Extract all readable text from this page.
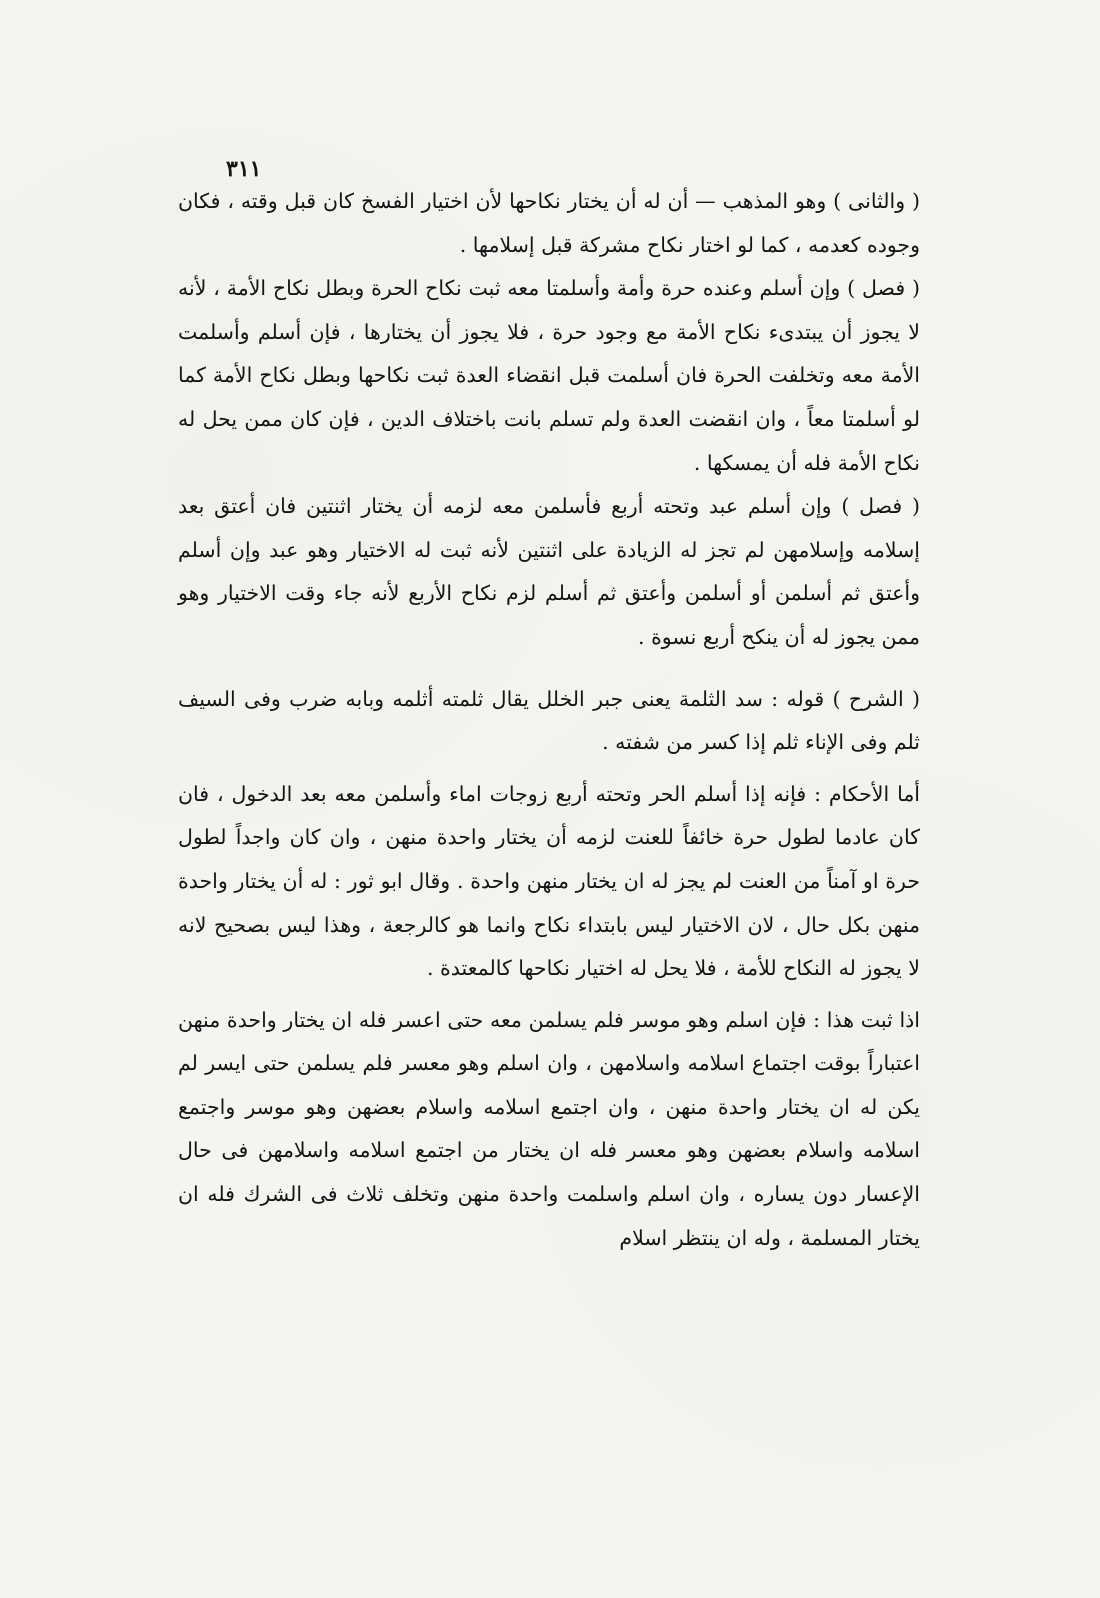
٣١١

( والثانى ) وهو المذهب — أن له أن يختار نكاحها لأن اختيار الفسخ كان قبل وقته ، فكان وجوده كعدمه ، كما لو اختار نكاح مشركة قبل إسلامها .

( فصل ) وإن أسلم وعنده حرة وأمة وأسلمتا معه ثبت نكاح الحرة وبطل نكاح الأمة ، لأنه لا يجوز أن يبتدىء نكاح الأمة مع وجود حرة ، فلا يجوز أن يختارها ، فإن أسلم وأسلمت الأمة معه وتخلفت الحرة فان أسلمت قبل انقضاء العدة ثبت نكاحها وبطل نكاح الأمة كما لو أسلمتا معاً ، وان انقضت العدة ولم تسلم بانت باختلاف الدين ، فإن كان ممن يحل له نكاح الأمة فله أن يمسكها .

( فصل ) وإن أسلم عبد وتحته أربع فأسلمن معه لزمه أن يختار اثنتين فان أعتق بعد إسلامه وإسلامهن لم تجز له الزيادة على اثنتين لأنه ثبت له الاختيار وهو عبد وإن أسلم وأعتق ثم أسلمن أو أسلمن وأعتق ثم أسلم لزم نكاح الأربع لأنه جاء وقت الاختيار وهو ممن يجوز له أن ينكح أربع نسوة .

( الشرح ) قوله : سد الثلمة يعنى جبر الخلل يقال ثلمته أثلمه وبابه ضرب وفى السيف ثلم وفى الإناء ثلم إذا كسر من شفته .

أما الأحكام : فإنه إذا أسلم الحر وتحته أربع زوجات اماء وأسلمن معه بعد الدخول ، فان كان عادما لطول حرة خائفاً للعنت لزمه أن يختار واحدة منهن ، وان كان واجداً لطول حرة او آمناً من العنت لم يجز له ان يختار منهن واحدة . وقال ابو ثور : له أن يختار واحدة منهن بكل حال ، لان الاختيار ليس بابتداء نكاح وانما هو كالرجعة ، وهذا ليس بصحيح لانه لا يجوز له النكاح للأمة ، فلا يحل له اختيار نكاحها كالمعتدة .

اذا ثبت هذا : فإن اسلم وهو موسر فلم يسلمن معه حتى اعسر فله ان يختار واحدة منهن اعتباراً بوقت اجتماع اسلامه واسلامهن ، وان اسلم وهو معسر فلم يسلمن حتى ايسر لم يكن له ان يختار واحدة منهن ، وان اجتمع اسلامه واسلام بعضهن وهو موسر واجتمع اسلامه واسلام بعضهن وهو معسر فله ان يختار من اجتمع اسلامه واسلامهن فى حال الإعسار دون يساره ، وان اسلم واسلمت واحدة منهن وتخلف ثلاث فى الشرك فله ان يختار المسلمة ، وله ان ينتظر اسلام
